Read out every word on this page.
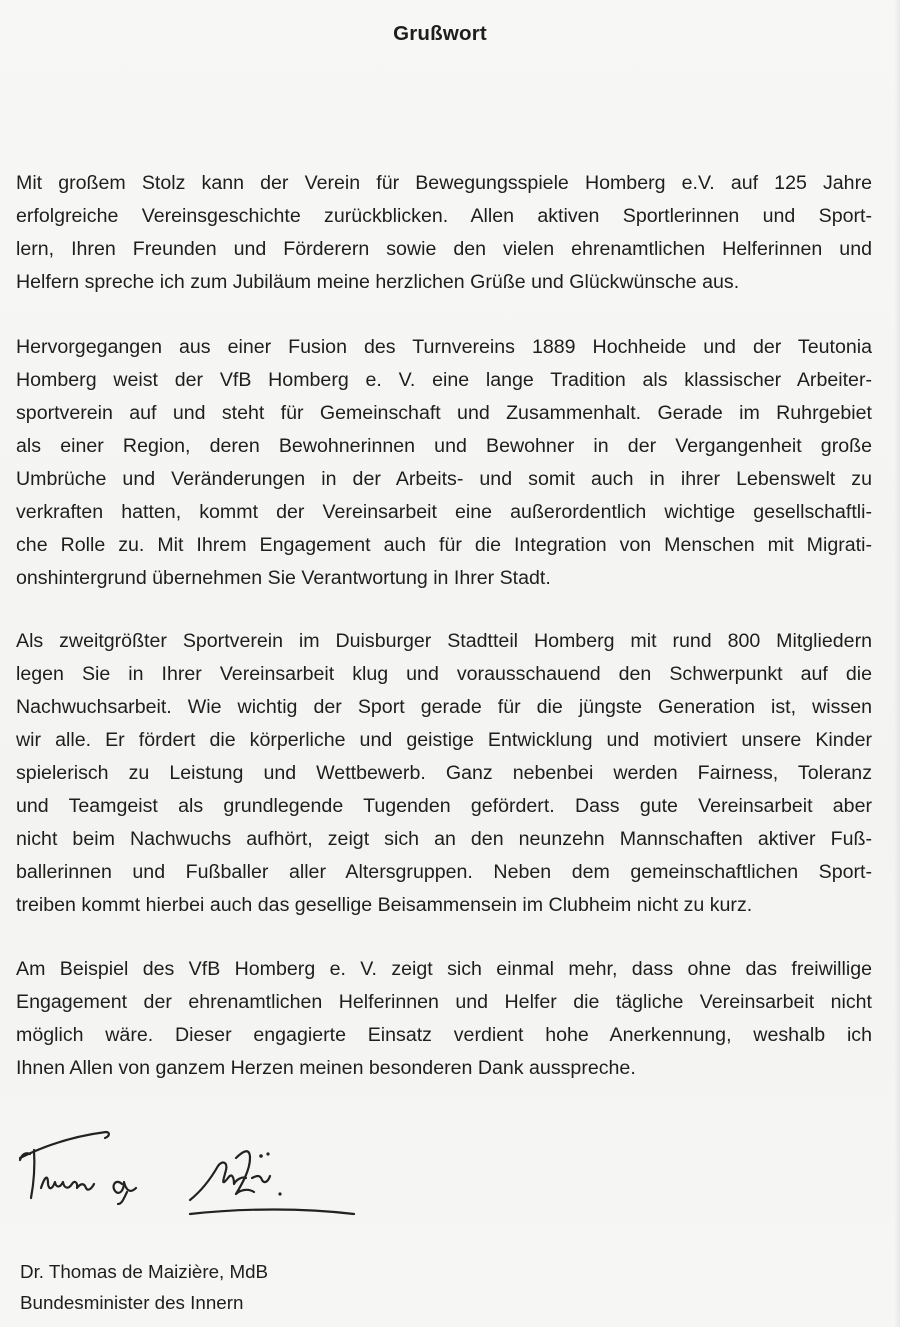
Grußwort
Mit großem Stolz kann der Verein für Bewegungsspiele Homberg e.V. auf 125 Jahre
erfolgreiche Vereinsgeschichte zurückblicken. Allen aktiven Sportlerinnen und Sport-
lern, Ihren Freunden und Förderern sowie den vielen ehrenamtlichen Helferinnen und
Helfern spreche ich zum Jubiläum meine herzlichen Grüße und Glückwünsche aus.
Hervorgegangen aus einer Fusion des Turnvereins 1889 Hochheide und der Teutonia
Homberg weist der VfB Homberg e. V. eine lange Tradition als klassischer Arbeiter-
sportverein auf und steht für Gemeinschaft und Zusammenhalt. Gerade im Ruhrgebiet
als einer Region, deren Bewohnerinnen und Bewohner in der Vergangenheit große
Umbrüche und Veränderungen in der Arbeits- und somit auch in ihrer Lebenswelt zu
verkraften hatten, kommt der Vereinsarbeit eine außerordentlich wichtige gesellschaftli-
che Rolle zu. Mit Ihrem Engagement auch für die Integration von Menschen mit Migrati-
onshintergrund übernehmen Sie Verantwortung in Ihrer Stadt.
Als zweitgrößter Sportverein im Duisburger Stadtteil Homberg mit rund 800 Mitgliedern
legen Sie in Ihrer Vereinsarbeit klug und vorausschauend den Schwerpunkt auf die
Nachwuchsarbeit. Wie wichtig der Sport gerade für die jüngste Generation ist, wissen
wir alle. Er fördert die körperliche und geistige Entwicklung und motiviert unsere Kinder
spielerisch zu Leistung und Wettbewerb. Ganz nebenbei werden Fairness, Toleranz
und Teamgeist als grundlegende Tugenden gefördert. Dass gute Vereinsarbeit aber
nicht beim Nachwuchs aufhört, zeigt sich an den neunzehn Mannschaften aktiver Fuß-
ballerinnen und Fußballer aller Altersgruppen. Neben dem gemeinschaftlichen Sport-
treiben kommt hierbei auch das gesellige Beisammensein im Clubheim nicht zu kurz.
Am Beispiel des VfB Homberg e. V. zeigt sich einmal mehr, dass ohne das freiwillige
Engagement der ehrenamtlichen Helferinnen und Helfer die tägliche Vereinsarbeit nicht
möglich wäre. Dieser engagierte Einsatz verdient hohe Anerkennung, weshalb ich
Ihnen Allen von ganzem Herzen meinen besonderen Dank ausspreche.
Dr. Thomas de Maizière, MdB
Bundesminister des Innern
